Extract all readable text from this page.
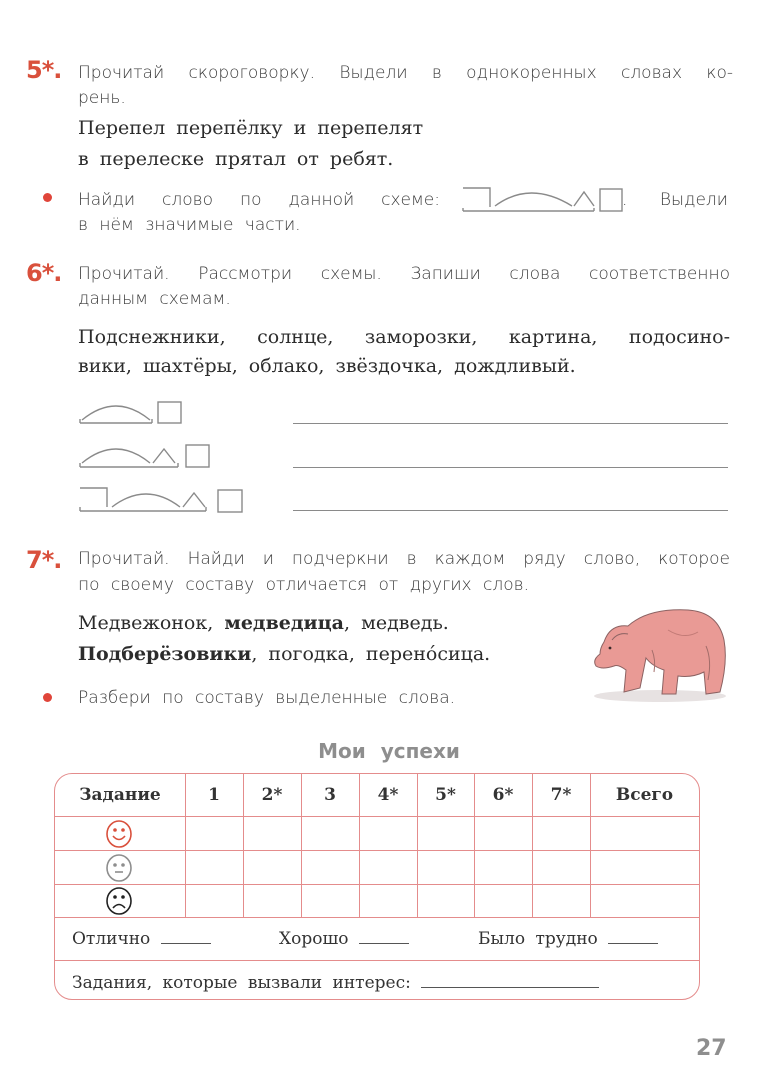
5*. Прочитай скороговорку. Выдели в однокоренных словах ко-
рень.
Перепел перепёлку и перепелят
в перелеске прятал от ребят.
Найди слово по данной схеме:	. Выдели
в нём значимые части.
6*. Прочитай. Рассмотри схемы. Запиши слова соответственно
данным схемам.
Подснежники, солнце, заморозки, картина, подосино-
вики, шахтёры, облако, звёздочка, дождливый.
7*. Прочитай. Найди и подчеркни в каждом ряду слово, которое
по своему составу отличается от других слов.
Медвежонок, медведица, медведь.
Подберёзовики, погодка, перено́сица.
Разбери по составу выделенные слова.
Мои успехи
Задание	1	2*	3	4*	5*	6*	7*	Всего
Отлично	Хорошо	Было трудно
Задания, которые вызвали интерес:
27
